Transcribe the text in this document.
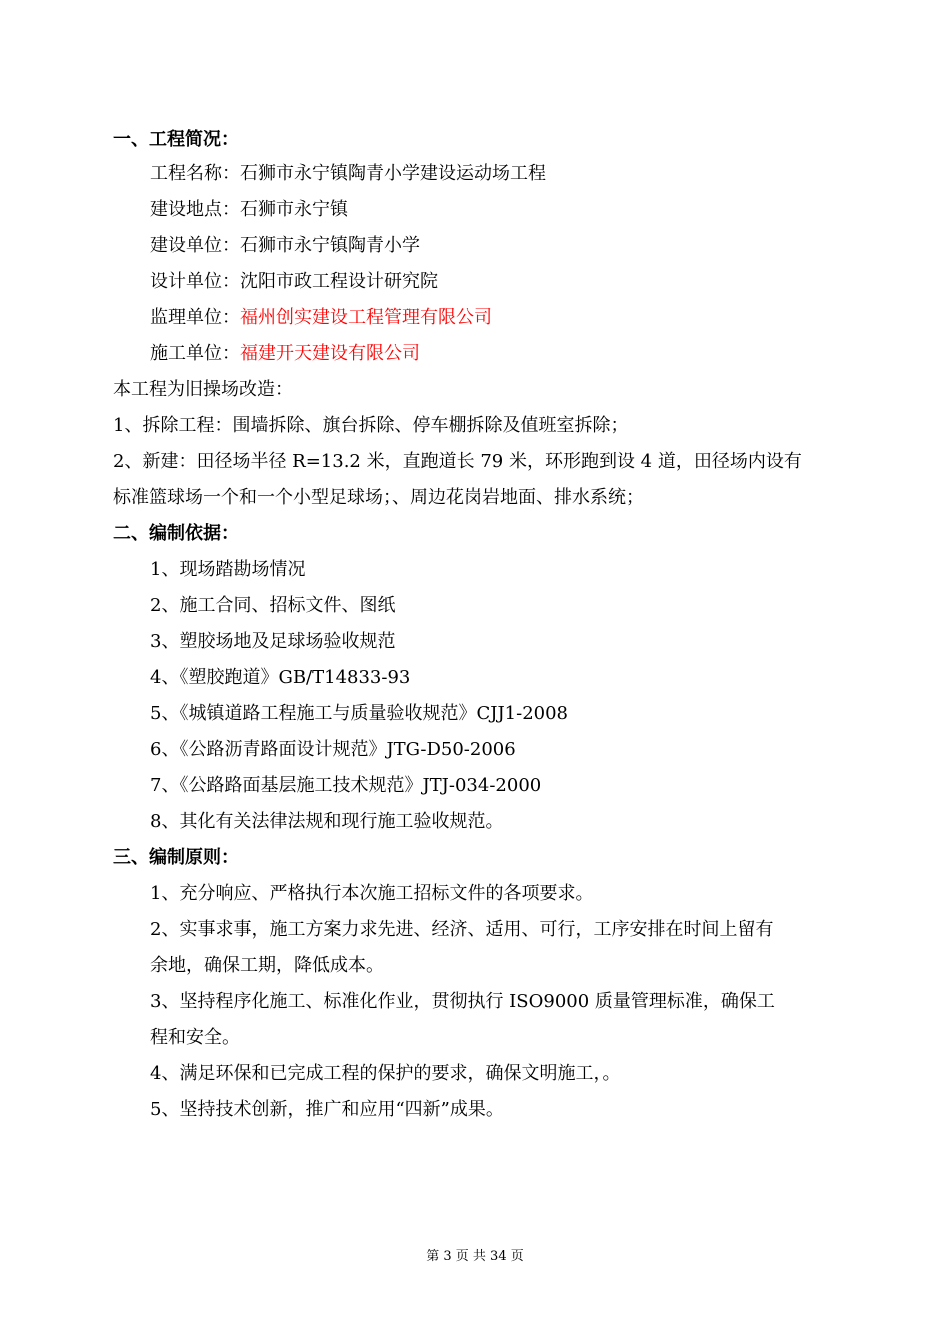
一、工程简况：
工程名称：石狮市永宁镇陶青小学建设运动场工程
建设地点：石狮市永宁镇
建设单位：石狮市永宁镇陶青小学
设计单位：沈阳市政工程设计研究院
监理单位：福州创实建设工程管理有限公司
施工单位：福建开天建设有限公司
本工程为旧操场改造：
1、拆除工程：围墙拆除、旗台拆除、停车棚拆除及值班室拆除；
2、新建：田径场半径 R=13.2 米，直跑道长 79 米，环形跑到设 4 道，田径场内设有
标准篮球场一个和一个小型足球场；、周边花岗岩地面、排水系统；
二、编制依据：
1、现场踏勘场情况
2、施工合同、招标文件、图纸
3、塑胶场地及足球场验收规范
4、《塑胶跑道》GB/T14833-93
5、《城镇道路工程施工与质量验收规范》CJJ1-2008
6、《公路沥青路面设计规范》JTG-D50-2006
7、《公路路面基层施工技术规范》JTJ-034-2000
8、其化有关法律法规和现行施工验收规范。
三、编制原则：
1、充分响应、严格执行本次施工招标文件的各项要求。
2、实事求事，施工方案力求先进、经济、适用、可行，工序安排在时间上留有
余地，确保工期，降低成本。
3、坚持程序化施工、标准化作业，贯彻执行 ISO9000 质量管理标准，确保工
程和安全。
4、满足环保和已完成工程的保护的要求，确保文明施工，。
5、坚持技术创新，推广和应用“四新”成果。
第 3 页 共 34 页
